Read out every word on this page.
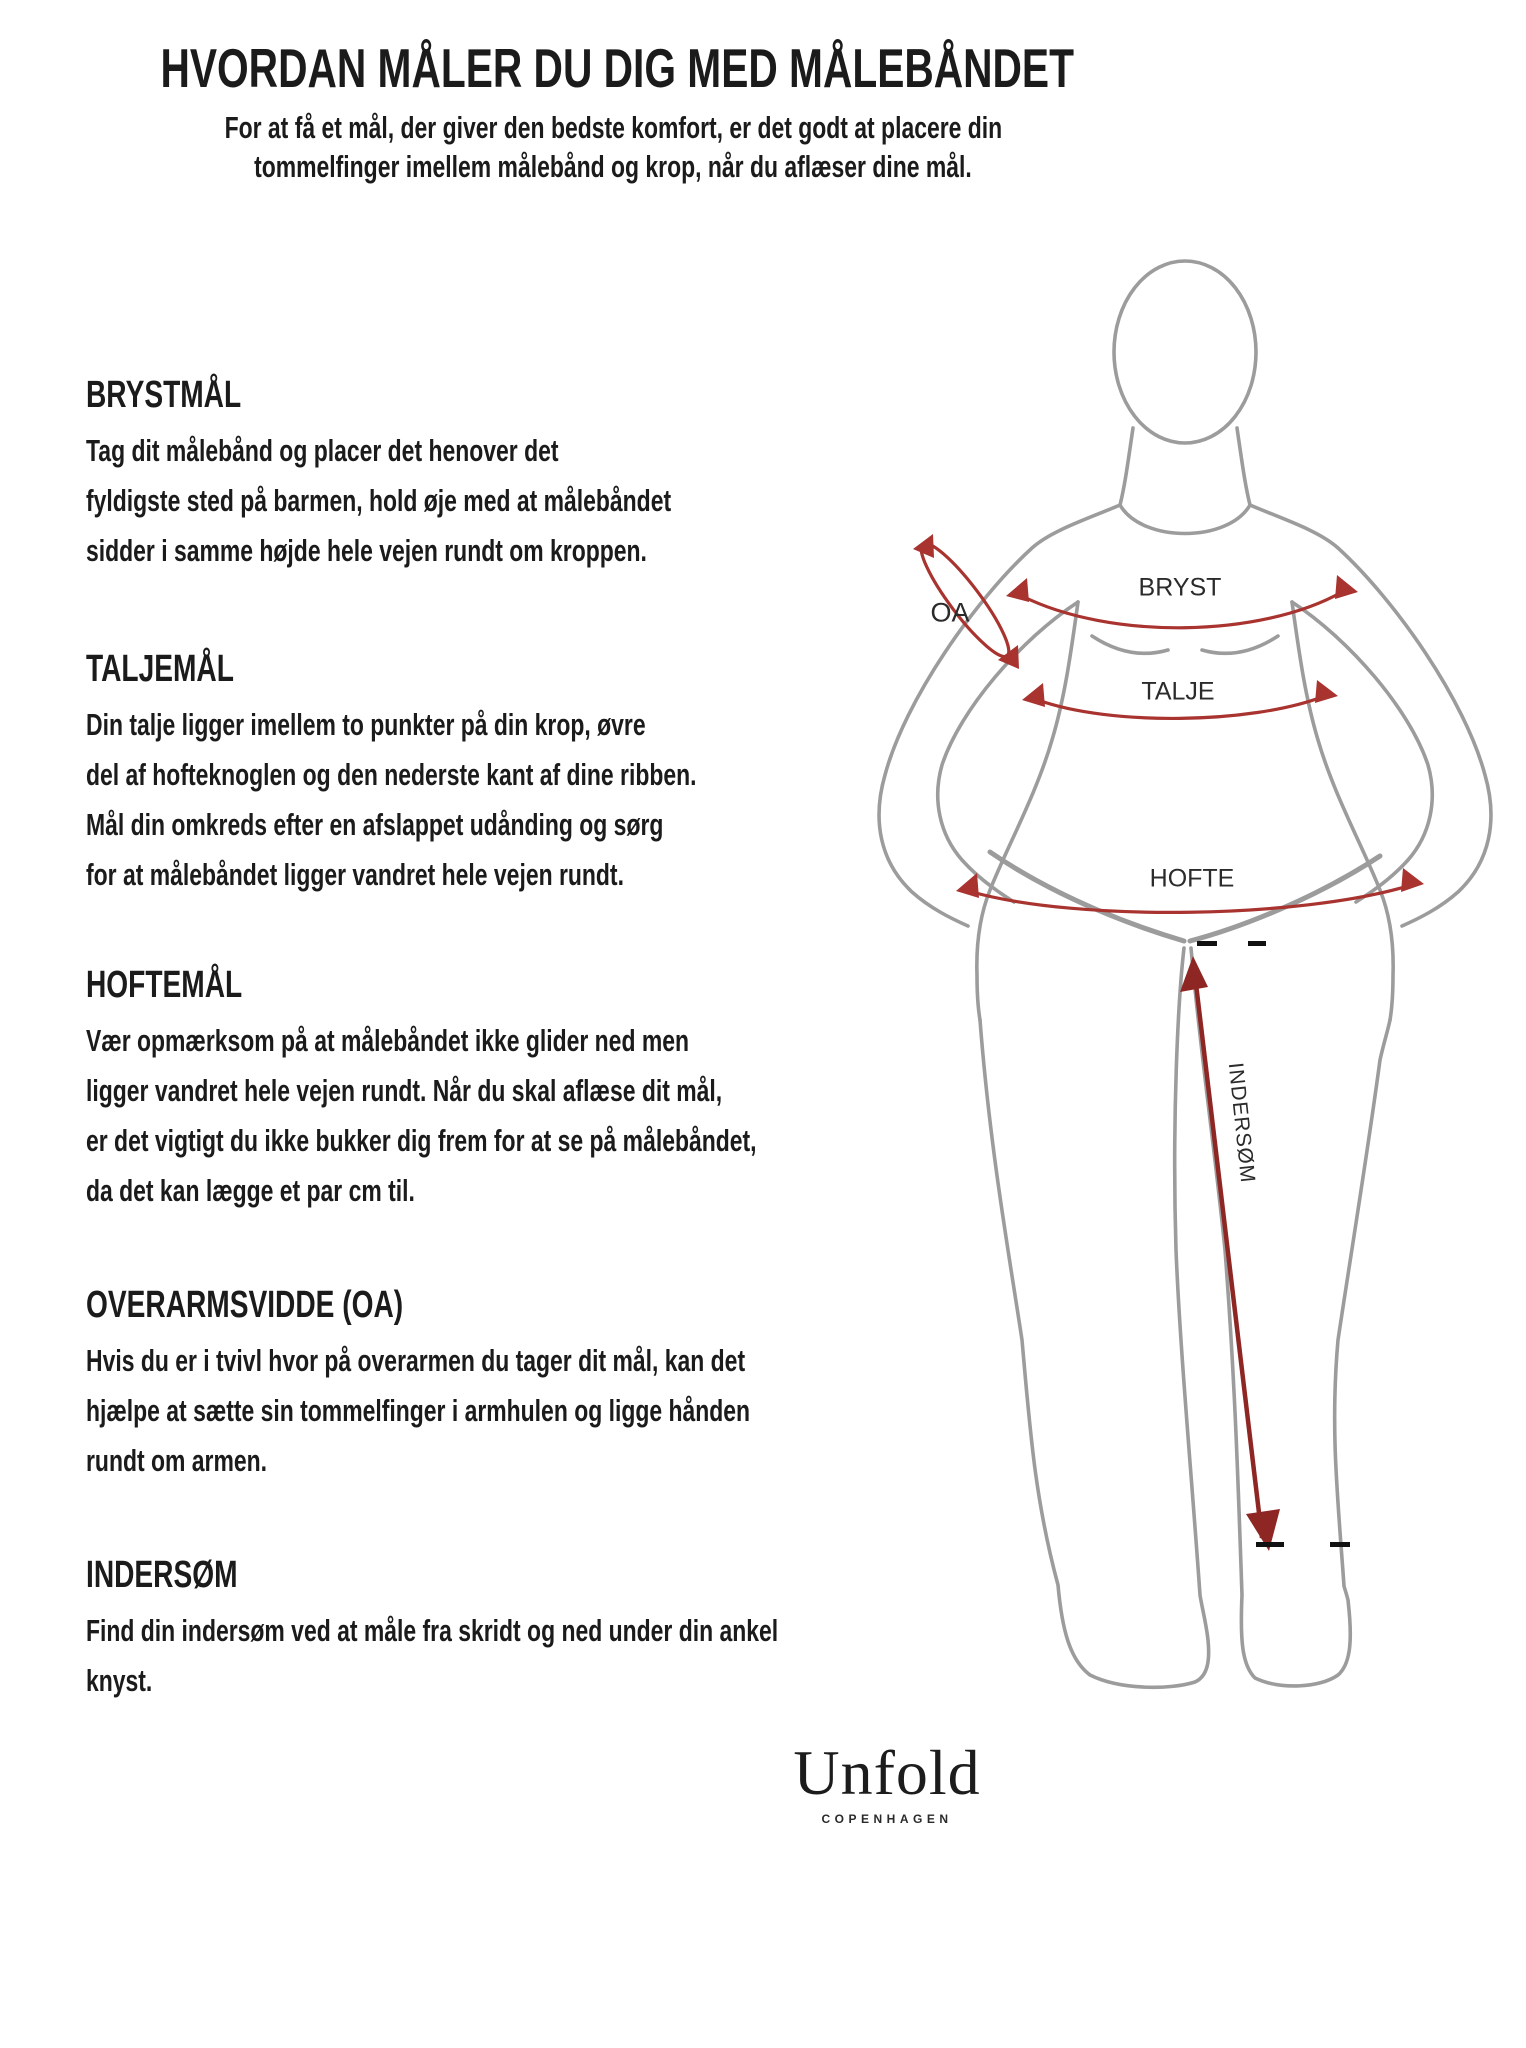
HVORDAN MÅLER DU DIG MED MÅLEBÅNDET
For at få et mål, der giver den bedste komfort, er det godt at placere din
tommelfinger imellem målebånd og krop, når du aflæser dine mål.
BRYSTMÅL
Tag dit målebånd og placer det henover det
fyldigste sted på barmen, hold øje med at målebåndet
sidder i samme højde hele vejen rundt om kroppen.
TALJEMÅL
Din talje ligger imellem to punkter på din krop, øvre
del af hofteknoglen og den nederste kant af dine ribben.
Mål din omkreds efter en afslappet udånding og sørg
for at målebåndet ligger vandret hele vejen rundt.
HOFTEMÅL
Vær opmærksom på at målebåndet ikke glider ned men
ligger vandret hele vejen rundt. Når du skal aflæse dit mål,
er det vigtigt du ikke bukker dig frem for at se på målebåndet,
da det kan lægge et par cm til.
OVERARMSVIDDE (OA)
Hvis du er i tvivl hvor på overarmen du tager dit mål, kan det
hjælpe at sætte sin tommelfinger i armhulen og ligge hånden
rundt om armen.
INDERSØM
Find din indersøm ved at måle fra skridt og ned under din ankel
knyst.
OA
BRYST
TALJE
HOFTE
INDERSØM
Unfold
COPENHAGEN
